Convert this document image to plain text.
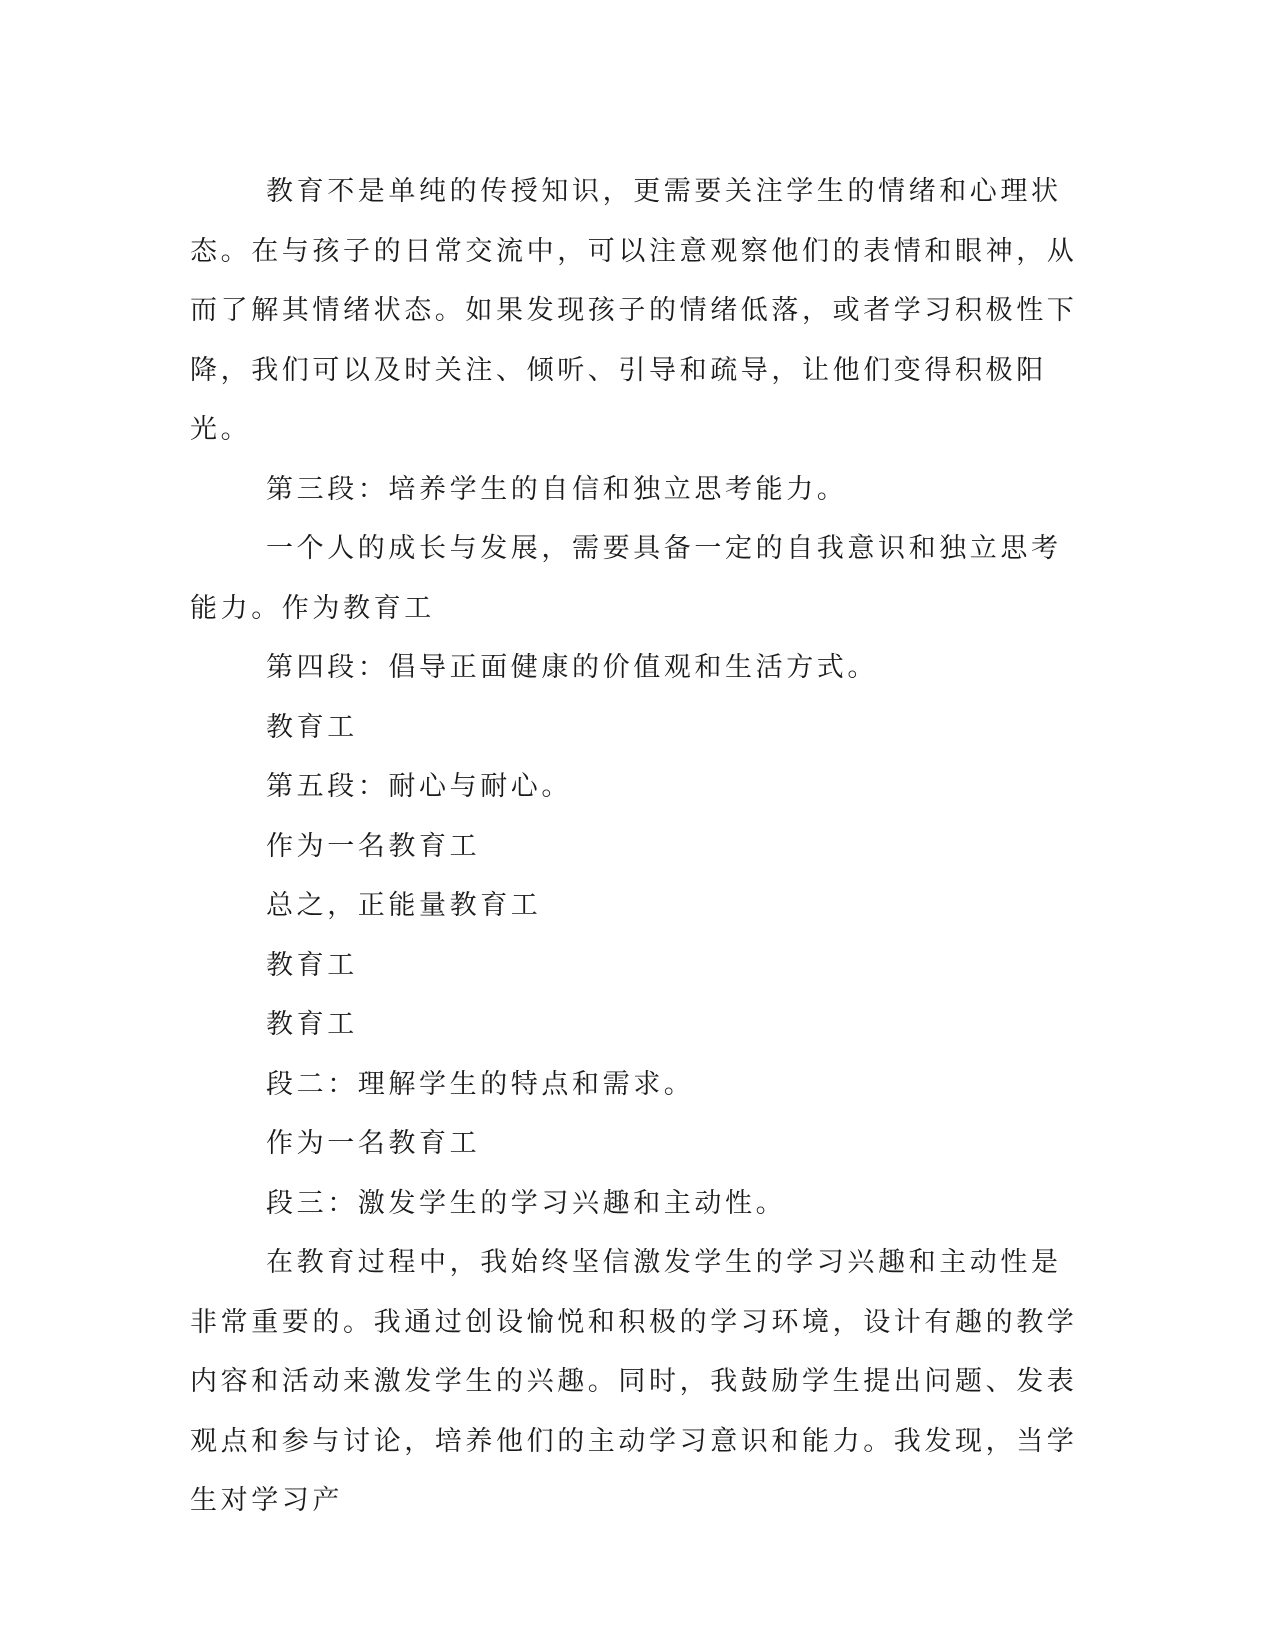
教育不是单纯的传授知识，更需要关注学生的情绪和心理状态。在与孩子的日常交流中，可以注意观察他们的表情和眼神，从而了解其情绪状态。如果发现孩子的情绪低落，或者学习积极性下降，我们可以及时关注、倾听、引导和疏导，让他们变得积极阳光。

第三段：培养学生的自信和独立思考能力。

一个人的成长与发展，需要具备一定的自我意识和独立思考能力。作为教育工

第四段：倡导正面健康的价值观和生活方式。

教育工

第五段：耐心与耐心。

作为一名教育工

总之，正能量教育工

教育工

教育工

段二：理解学生的特点和需求。

作为一名教育工

段三：激发学生的学习兴趣和主动性。

在教育过程中，我始终坚信激发学生的学习兴趣和主动性是非常重要的。我通过创设愉悦和积极的学习环境，设计有趣的教学内容和活动来激发学生的兴趣。同时，我鼓励学生提出问题、发表观点和参与讨论，培养他们的主动学习意识和能力。我发现，当学生对学习产
